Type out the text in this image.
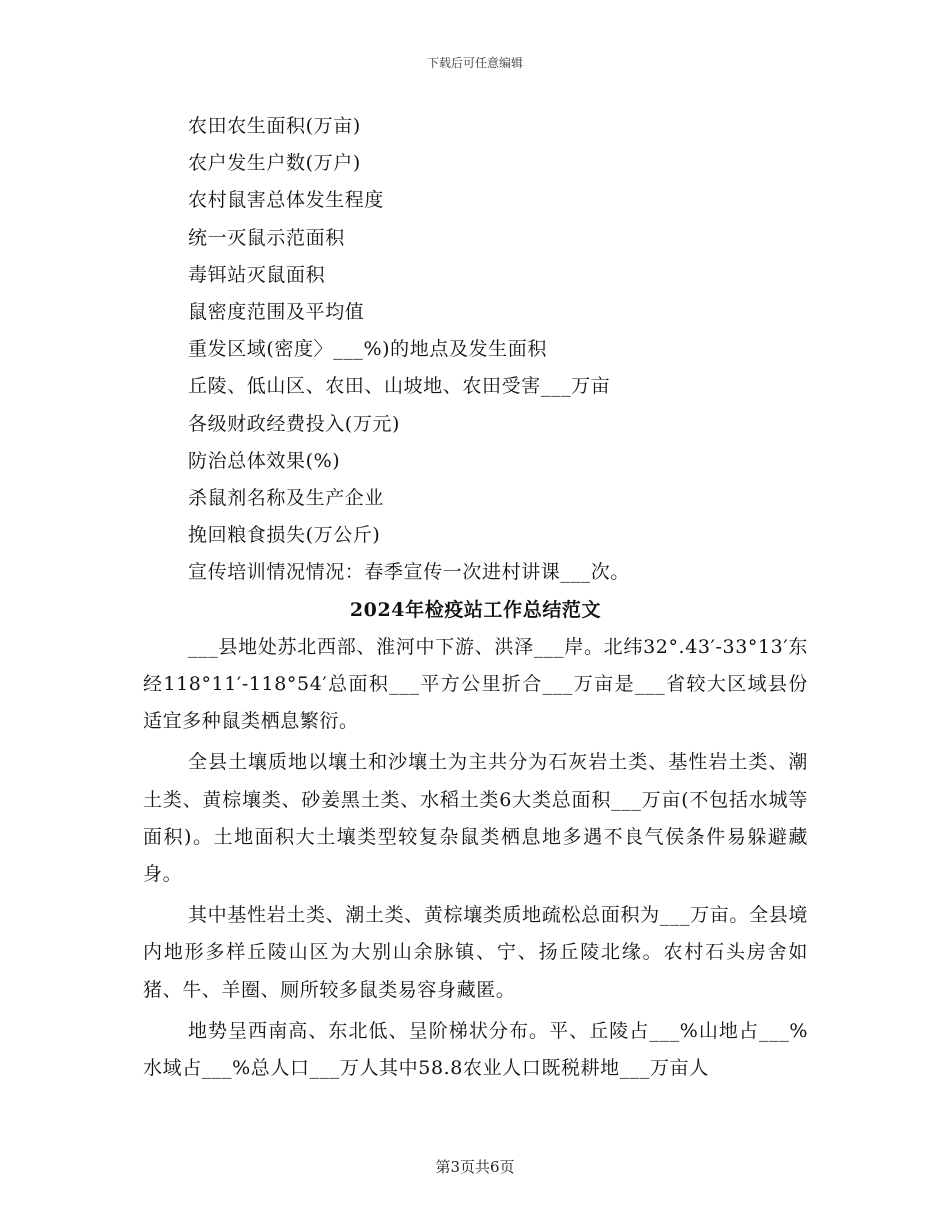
下载后可任意编辑
农田农生面积(万亩)
农户发生户数(万户)
农村鼠害总体发生程度
统一灭鼠示范面积
毒铒站灭鼠面积
鼠密度范围及平均值
重发区域(密度〉___%)的地点及发生面积
丘陵、低山区、农田、山坡地、农田受害___万亩
各级财政经费投入(万元)
防治总体效果(%)
杀鼠剂名称及生产企业
挽回粮食损失(万公斤)
宣传培训情况情况：春季宣传一次进村讲课___次。
2024年检疫站工作总结范文

___县地处苏北西部、淮河中下游、洪泽___岸。北纬32°.43′-33°13′东经118°11′-118°54′总面积___平方公里折合___万亩是___省较大区域县份适宜多种鼠类栖息繁衍。

全县土壤质地以壤土和沙壤土为主共分为石灰岩土类、基性岩土类、潮土类、黄棕壤类、砂姜黑土类、水稻土类6大类总面积___万亩(不包括水城等面积)。土地面积大土壤类型较复杂鼠类栖息地多遇不良气侯条件易躲避藏身。

其中基性岩土类、潮土类、黄棕壤类质地疏松总面积为___万亩。全县境内地形多样丘陵山区为大别山余脉镇、宁、扬丘陵北缘。农村石头房舍如猪、牛、羊圈、厕所较多鼠类易容身藏匿。

地势呈西南高、东北低、呈阶梯状分布。平、丘陵占___%山地占___%水域占___%总人口___万人其中58.8农业人口既税耕地___万亩人

第3页共6页
